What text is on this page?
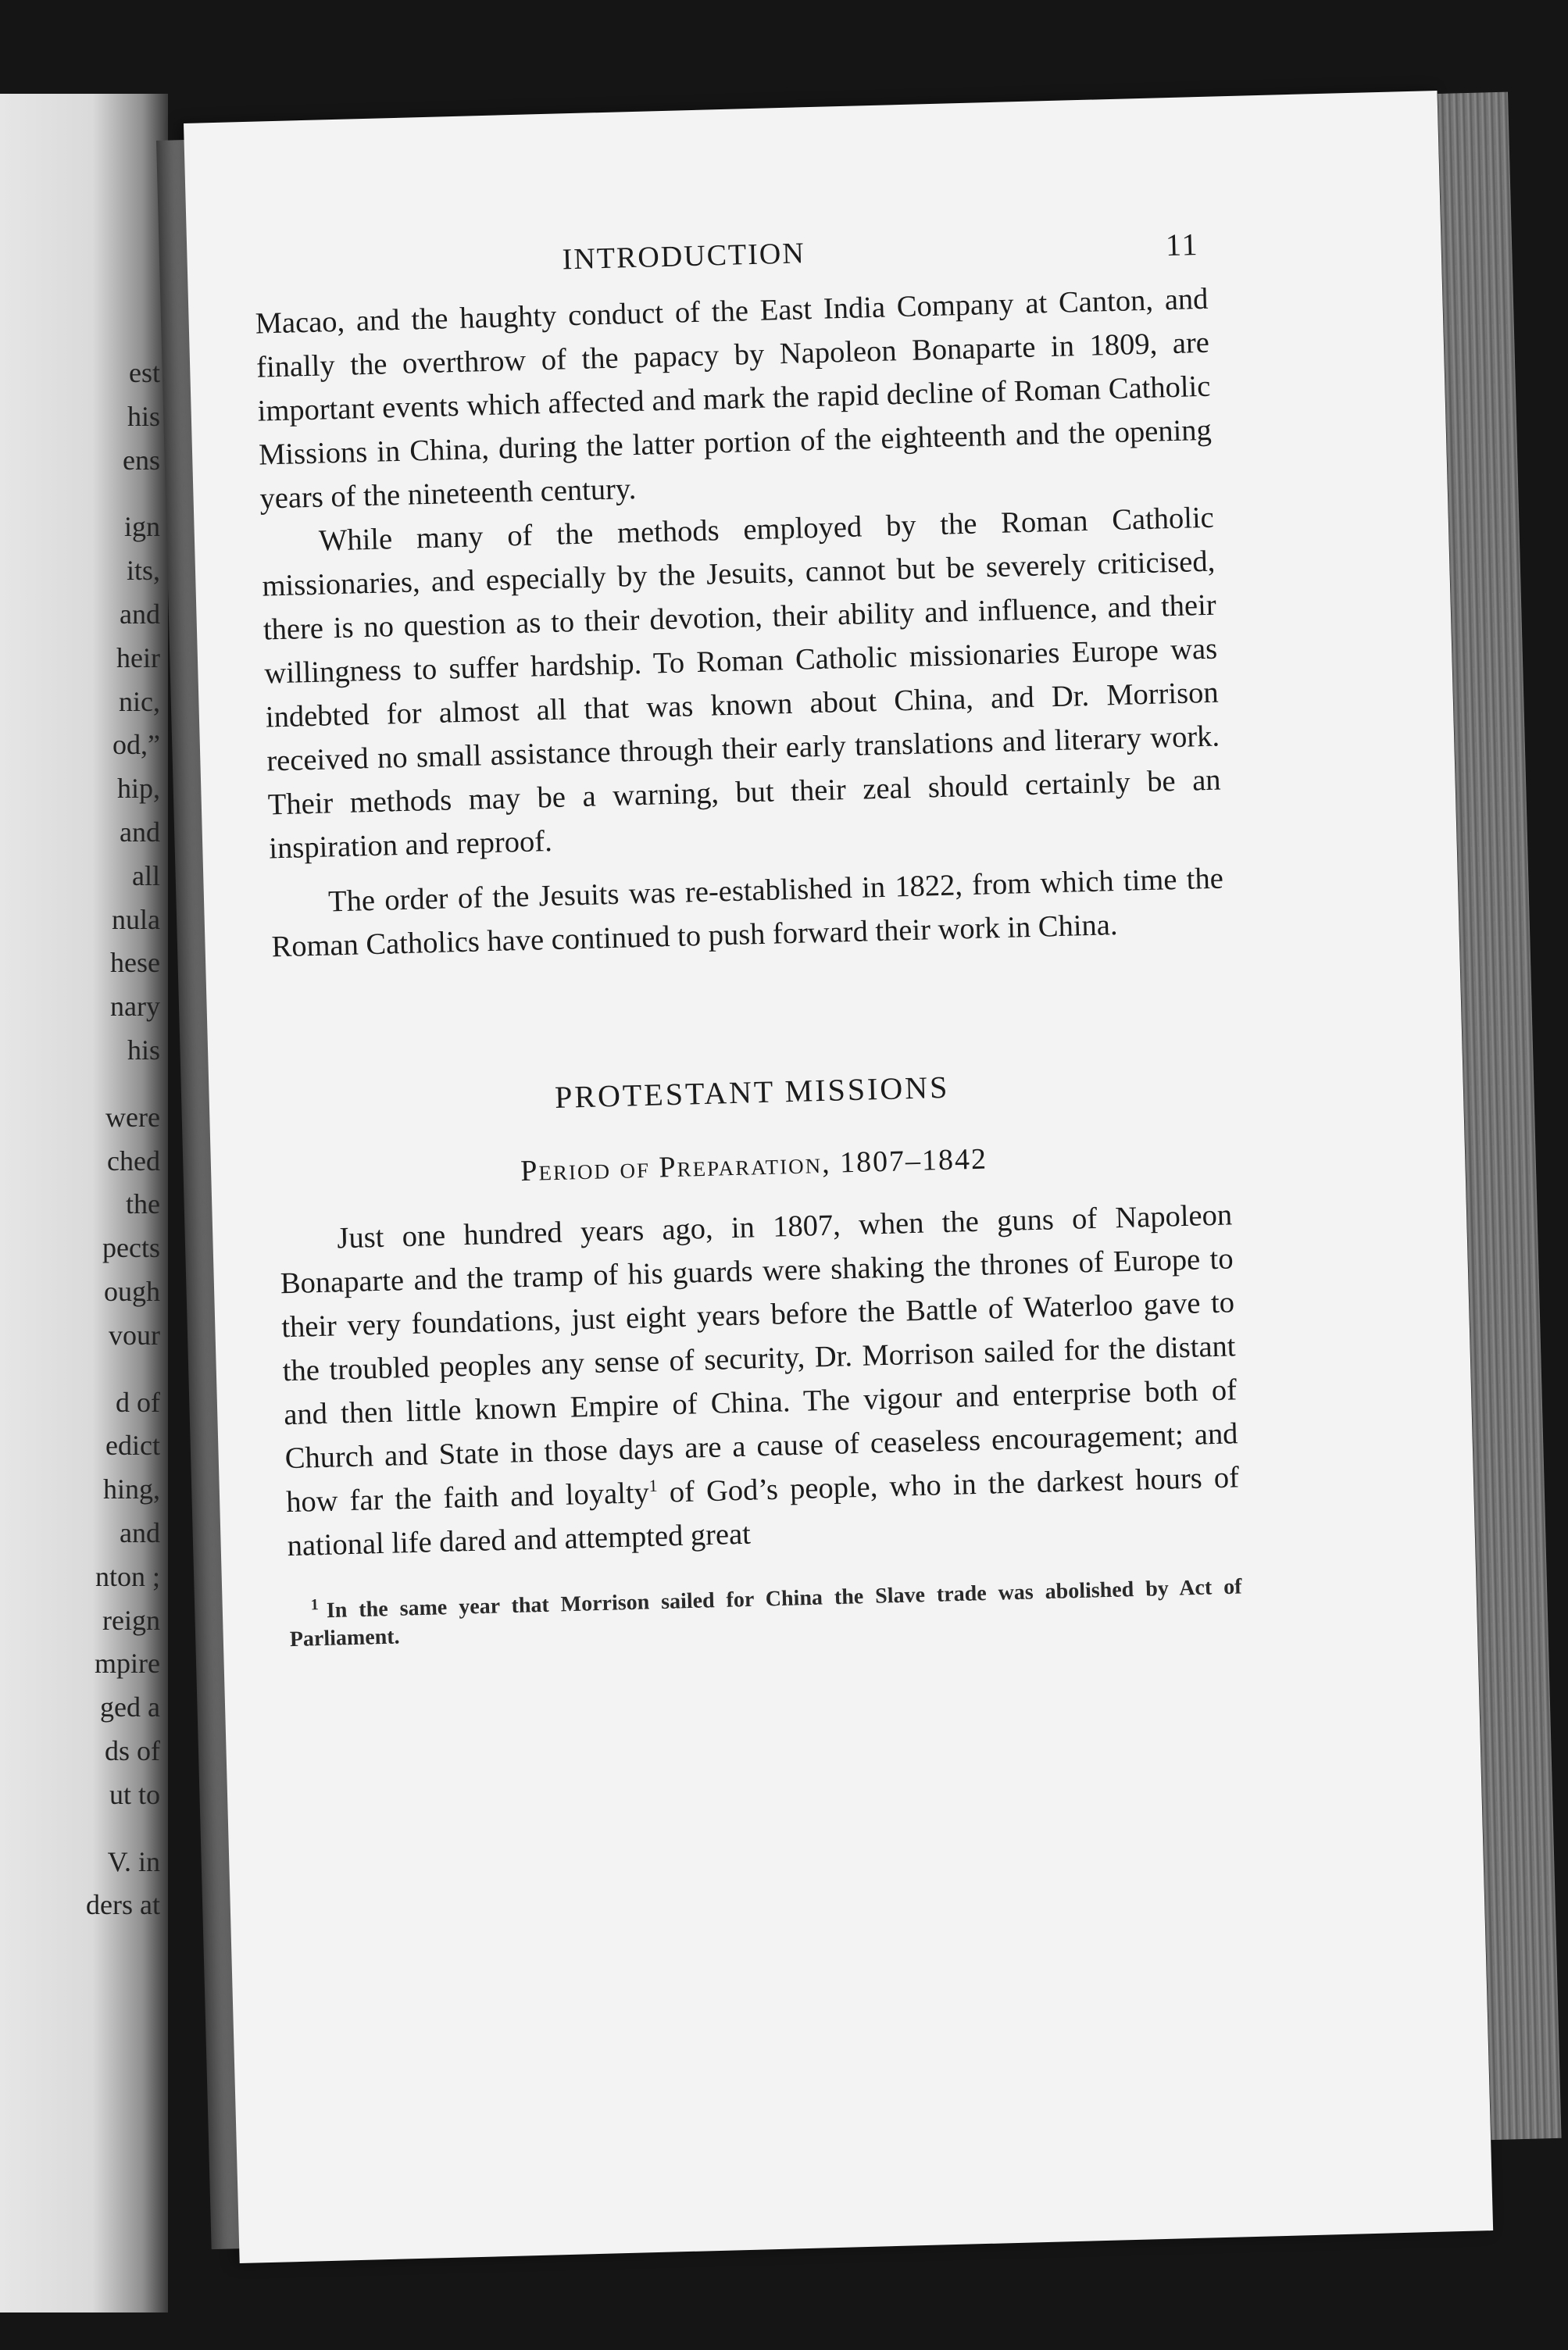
est
his
ens
ign
its,
and
heir
nic,
od,”
hip,
and
all
nula
hese
nary
his
were
ched
the
pects
ough
vour
d of
edict
hing,
and
nton ;
reign
mpire
ged a
ds of
ut to
V. in
ders at
INTRODUCTION	11

Macao, and the haughty conduct of the East India Company at Canton, and finally the overthrow of the papacy by Napoleon Bonaparte in 1809, are important events which affected and mark the rapid decline of Roman Catholic Missions in China, during the latter portion of the eighteenth and the opening years of the nineteenth century.

While many of the methods employed by the Roman Catholic missionaries, and especially by the Jesuits, cannot but be severely criticised, there is no question as to their devotion, their ability and influence, and their willingness to suffer hardship. To Roman Catholic missionaries Europe was indebted for almost all that was known about China, and Dr. Morrison received no small assistance through their early translations and literary work. Their methods may be a warning, but their zeal should certainly be an inspiration and reproof.

The order of the Jesuits was re-established in 1822, from which time the Roman Catholics have continued to push forward their work in China.

PROTESTANT MISSIONS
Period of Preparation, 1807–1842

Just one hundred years ago, in 1807, when the guns of Napoleon Bonaparte and the tramp of his guards were shaking the thrones of Europe to their very foundations, just eight years before the Battle of Waterloo gave to the troubled peoples any sense of security, Dr. Morrison sailed for the distant and then little known Empire of China. The vigour and enterprise both of Church and State in those days are a cause of ceaseless encouragement; and how far the faith and loyalty$^1$ of God’s people, who in the darkest hours of national life dared and attempted great

$^1$ In the same year that Morrison sailed for China the Slave trade was abolished by Act of Parliament.
